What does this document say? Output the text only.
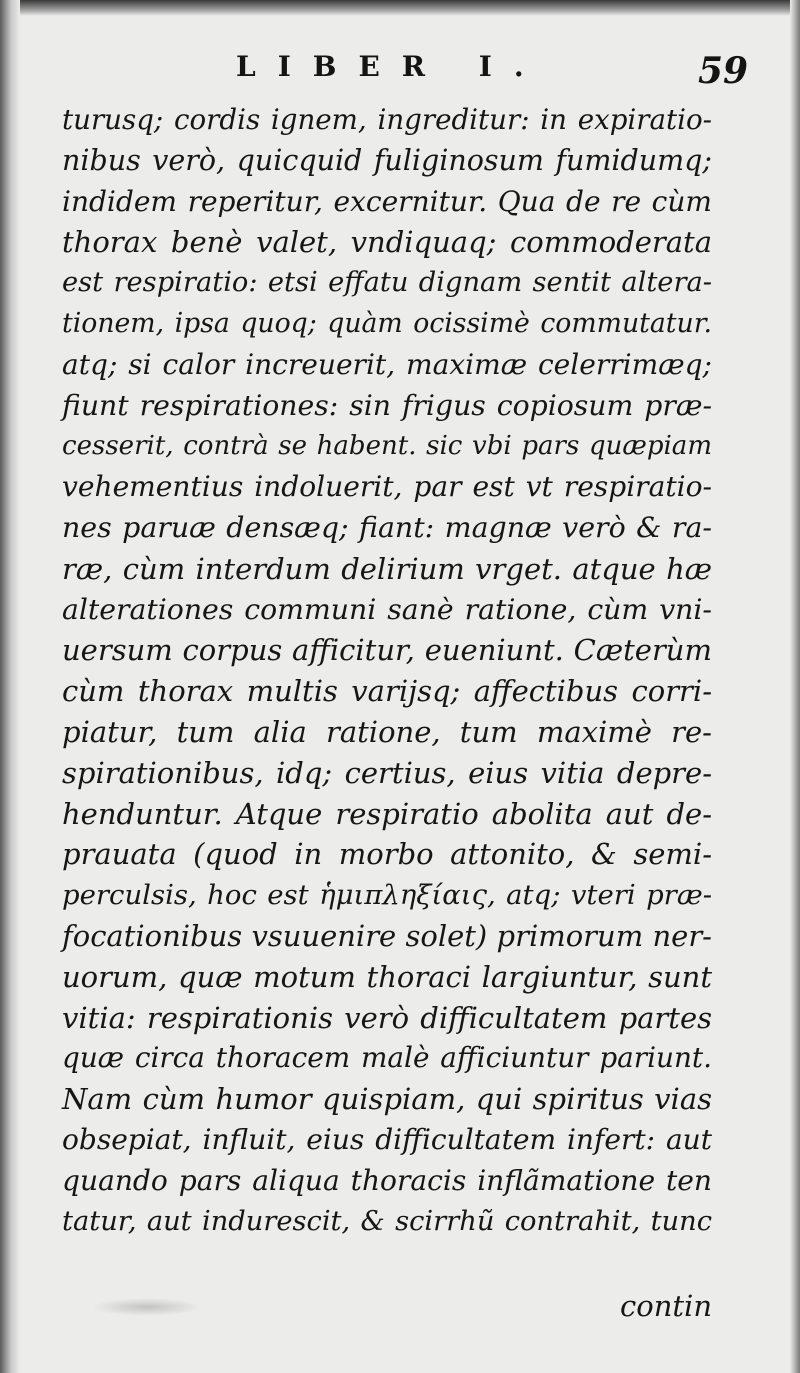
LIBER I.	59
turusq; cordis ignem, ingreditur: in expiratio-
nibus verò, quicquid fuliginosum fumidumq;
indidem reperitur, excernitur. Qua de re cùm
thorax benè valet, vndiquaq; commoderata
est respiratio: etsi effatu dignam sentit altera-
tionem, ipsa quoq; quàm ocissimè commutatur.
atq; si calor increuerit, maximæ celerrimæq;
fiunt respirationes: sin frigus copiosum præ-
cesserit, contrà se habent. sic vbi pars quæpiam
vehementius indoluerit, par est vt respiratio-
nes paruæ densæq; fiant: magnæ verò & ra-
ræ, cùm interdum delirium vrget. atque hæ
alterationes communi sanè ratione, cùm vni-
uersum corpus afficitur, eueniunt. Cæterùm
cùm thorax multis varijsq; affectibus corri-
piatur, tum alia ratione, tum maximè re-
spirationibus, idq; certius, eius vitia depre-
henduntur. Atque respiratio abolita aut de-
prauata (quod in morbo attonito, & semi-
perculsis, hoc est ἡμιπληξίαις, atq; vteri præ-
focationibus vsuuenire solet) primorum ner-
uorum, quæ motum thoraci largiuntur, sunt
vitia: respirationis verò difficultatem partes
quæ circa thoracem malè afficiuntur pariunt.
Nam cùm humor quispiam, qui spiritus vias
obsepiat, influit, eius difficultatem infert: aut
quando pars aliqua thoracis inflãmatione ten
tatur, aut indurescit, & scirrhũ contrahit, tunc
contin
